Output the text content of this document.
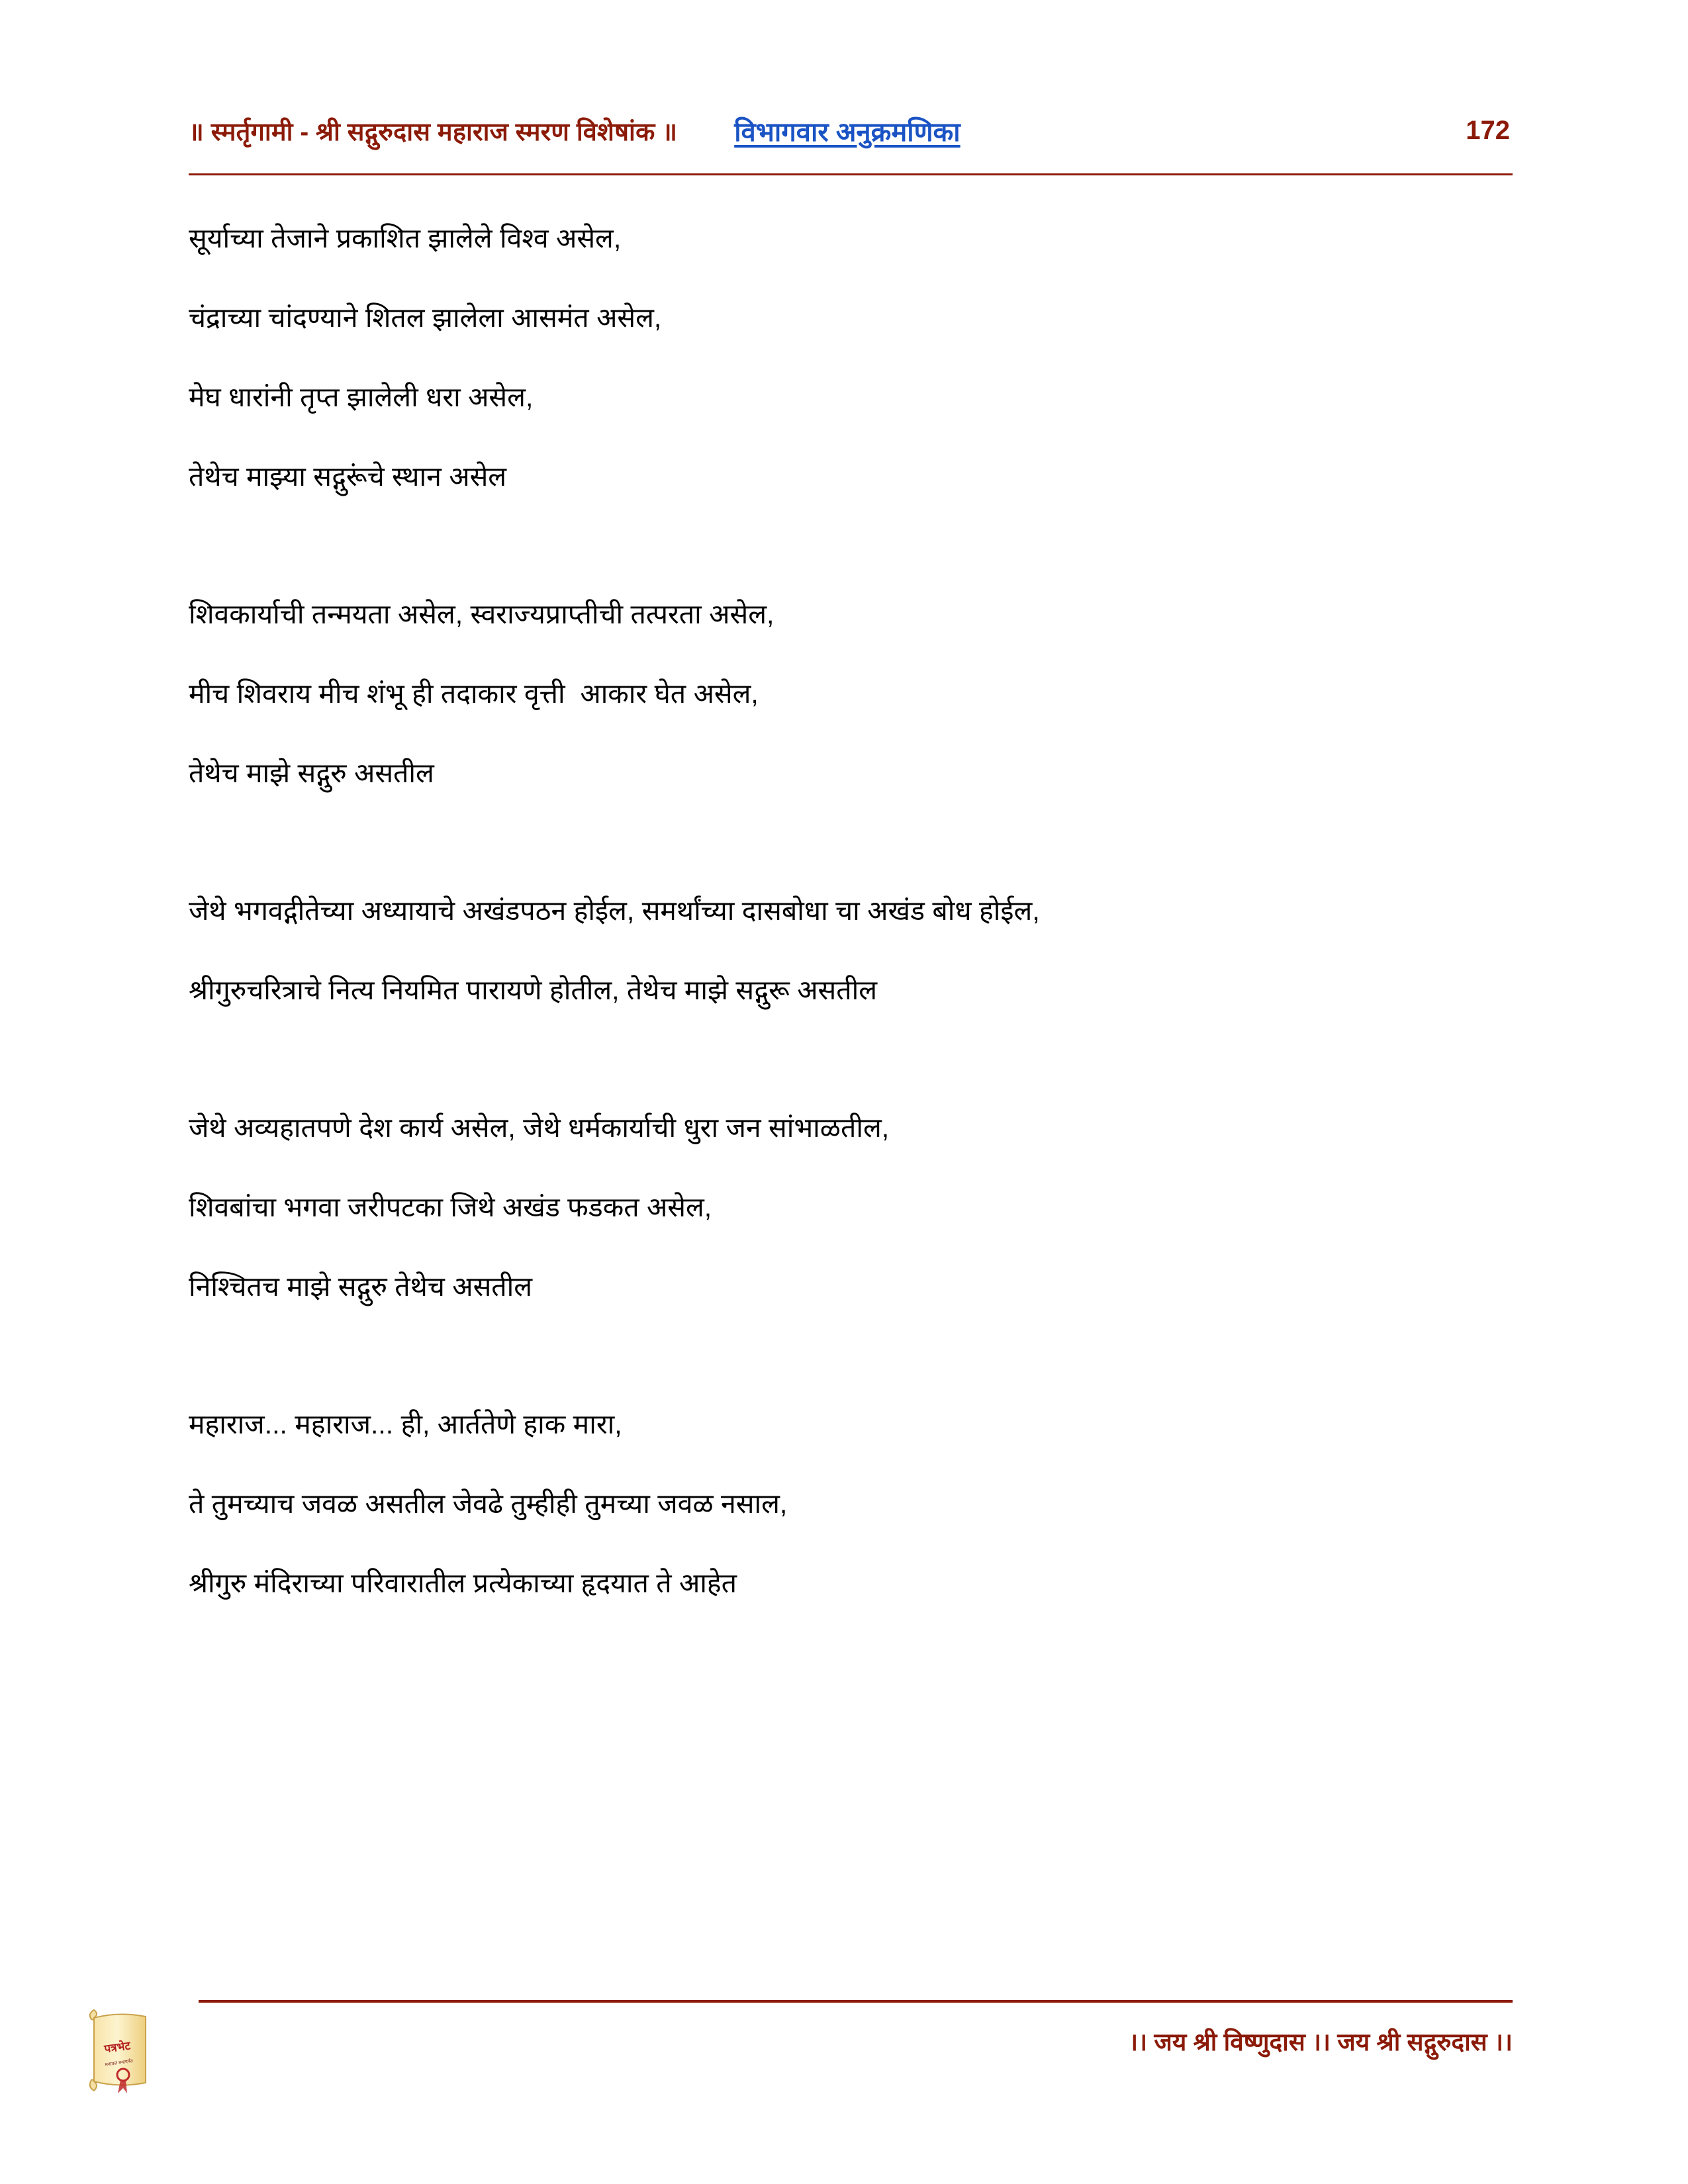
॥ स्मर्तृगामी - श्री सद्गुरुदास महाराज स्मरण विशेषांक ॥ विभागवार अनुक्रमणिका	172
सूर्याच्या तेजाने प्रकाशित झालेले विश्व असेल,
चंद्राच्या चांदण्याने शितल झालेला आसमंत असेल,
मेघ धारांनी तृप्त झालेली धरा असेल,
तेथेच माझ्या सद्गुरूंचे स्थान असेल
शिवकार्याची तन्मयता असेल, स्वराज्यप्राप्तीची तत्परता असेल,
मीच शिवराय मीच शंभू ही तदाकार वृत्ती  आकार घेत असेल,
तेथेच माझे सद्गुरु असतील
जेथे भगवद्गीतेच्या अध्यायाचे अखंडपठन होईल, समर्थांच्या दासबोधा चा अखंड बोध होईल,
श्रीगुरुचरित्राचे नित्य नियमित पारायणे होतील, तेथेच माझे सद्गुरू असतील
जेथे अव्यहातपणे देश कार्य असेल, जेथे धर्मकार्याची धुरा जन सांभाळतील,
शिवबांचा भगवा जरीपटका जिथे अखंड फडकत असेल,
निश्चितच माझे सद्गुरु तेथेच असतील
महाराज... महाराज... ही, आर्ततेणे हाक मारा,
ते तुमच्याच जवळ असतील जेवढे तुम्हीही तुमच्या जवळ नसाल,
श्रीगुरु मंदिराच्या परिवारातील प्रत्येकाच्या हृदयात ते आहेत
पत्रभेट
मनातलं मनापर्यंत
।। जय श्री विष्णुदास ।। जय श्री सद्गुरुदास ।।
